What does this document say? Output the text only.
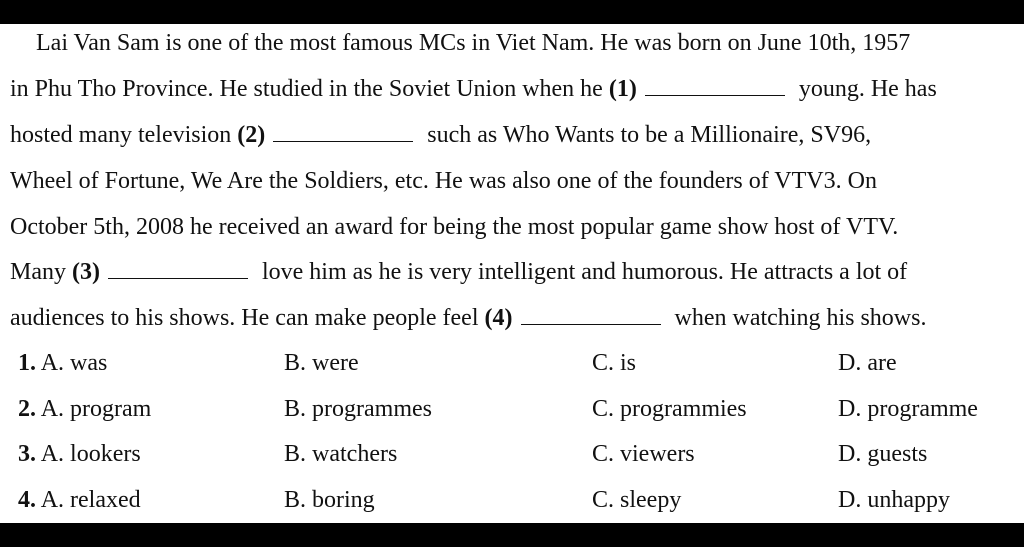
Lai Van Sam is one of the most famous MCs in Viet Nam. He was born on June 10th, 1957
in Phu Tho Province. He studied in the Soviet Union when he (1)	young. He has
hosted many television (2)	such as Who Wants to be a Millionaire, SV96,
Wheel of Fortune, We Are the Soldiers, etc. He was also one of the founders of VTV3. On
October 5th, 2008 he received an award for being the most popular game show host of VTV.
Many (3)	love him as he is very intelligent and humorous. He attracts a lot of
audiences to his shows. He can make people feel (4)	when watching his shows.
1. A. was	B. were	C. is	D. are
2. A. program	B. programmes	C. programmies	D. programme
3. A. lookers	B. watchers	C. viewers	D. guests
4. A. relaxed	B. boring	C. sleepy	D. unhappy
